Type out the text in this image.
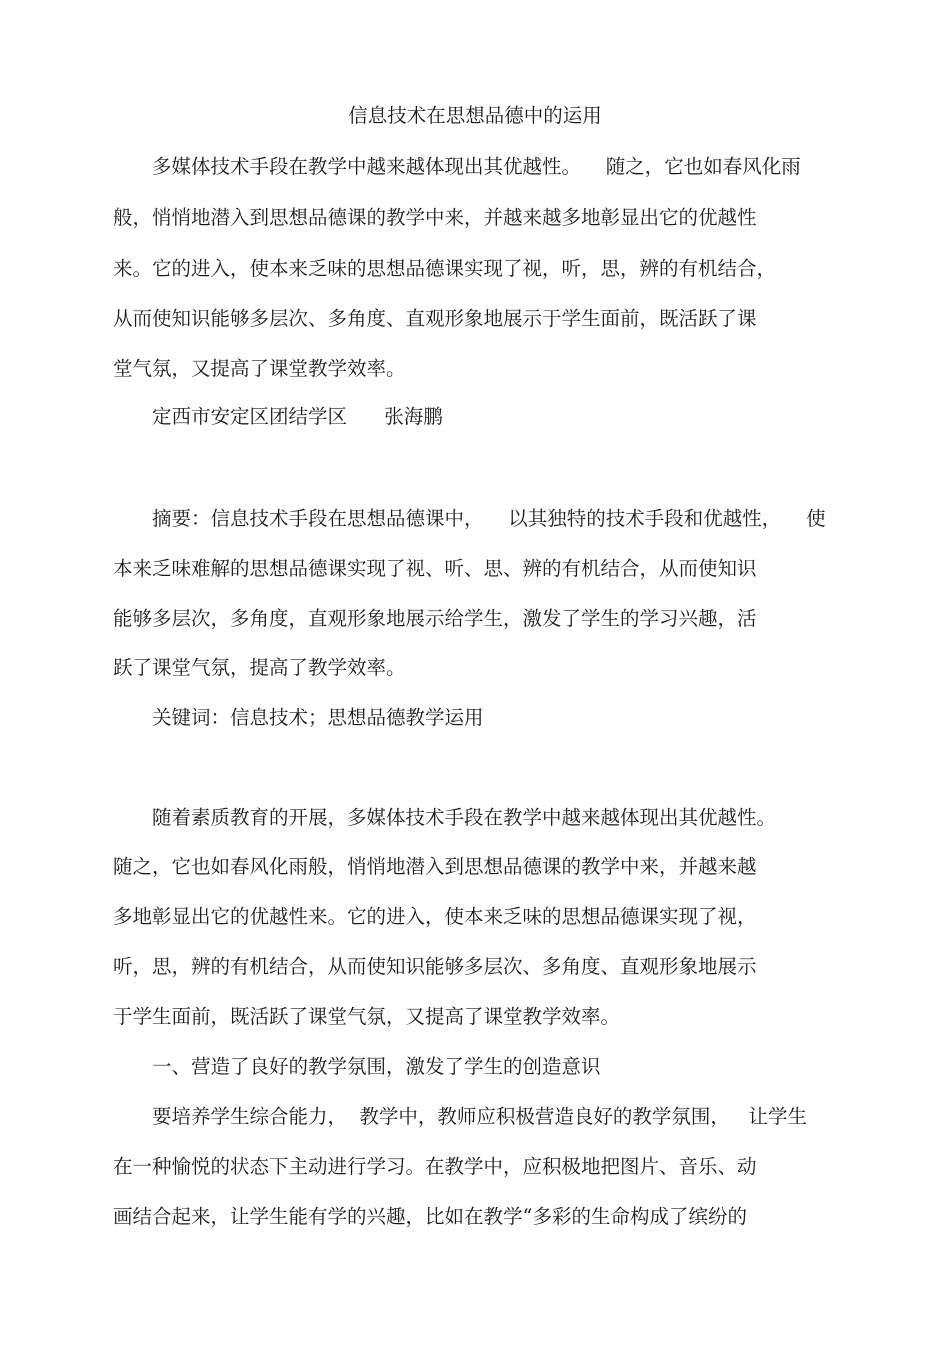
信息技术在思想品德中的运用
多媒体技术手段在教学中越来越体现出其优越性。    随之，它也如春风化雨
般，悄悄地潜入到思想品德课的教学中来，并越来越多地彰显出它的优越性
来。它的进入，使本来乏味的思想品德课实现了视，听，思，辨的有机结合，
从而使知识能够多层次、多角度、直观形象地展示于学生面前，既活跃了课
堂气氛，又提高了课堂教学效率。
定西市安定区团结学区      张海鹏
摘要：信息技术手段在思想品德课中，    以其独特的技术手段和优越性，    使
本来乏味难解的思想品德课实现了视、听、思、辨的有机结合，从而使知识
能够多层次，多角度，直观形象地展示给学生，激发了学生的学习兴趣，活
跃了课堂气氛，提高了教学效率。
关键词：信息技术；思想品德教学运用
随着素质教育的开展，多媒体技术手段在教学中越来越体现出其优越性。
随之，它也如春风化雨般，悄悄地潜入到思想品德课的教学中来，并越来越
多地彰显出它的优越性来。它的进入，使本来乏味的思想品德课实现了视，
听，思，辨的有机结合，从而使知识能够多层次、多角度、直观形象地展示
于学生面前，既活跃了课堂气氛，又提高了课堂教学效率。
一、营造了良好的教学氛围，激发了学生的创造意识
要培养学生综合能力，  教学中，教师应积极营造良好的教学氛围，   让学生
在一种愉悦的状态下主动进行学习。在教学中，应积极地把图片、音乐、动
画结合起来，让学生能有学的兴趣，比如在教学“多彩的生命构成了缤纷的
